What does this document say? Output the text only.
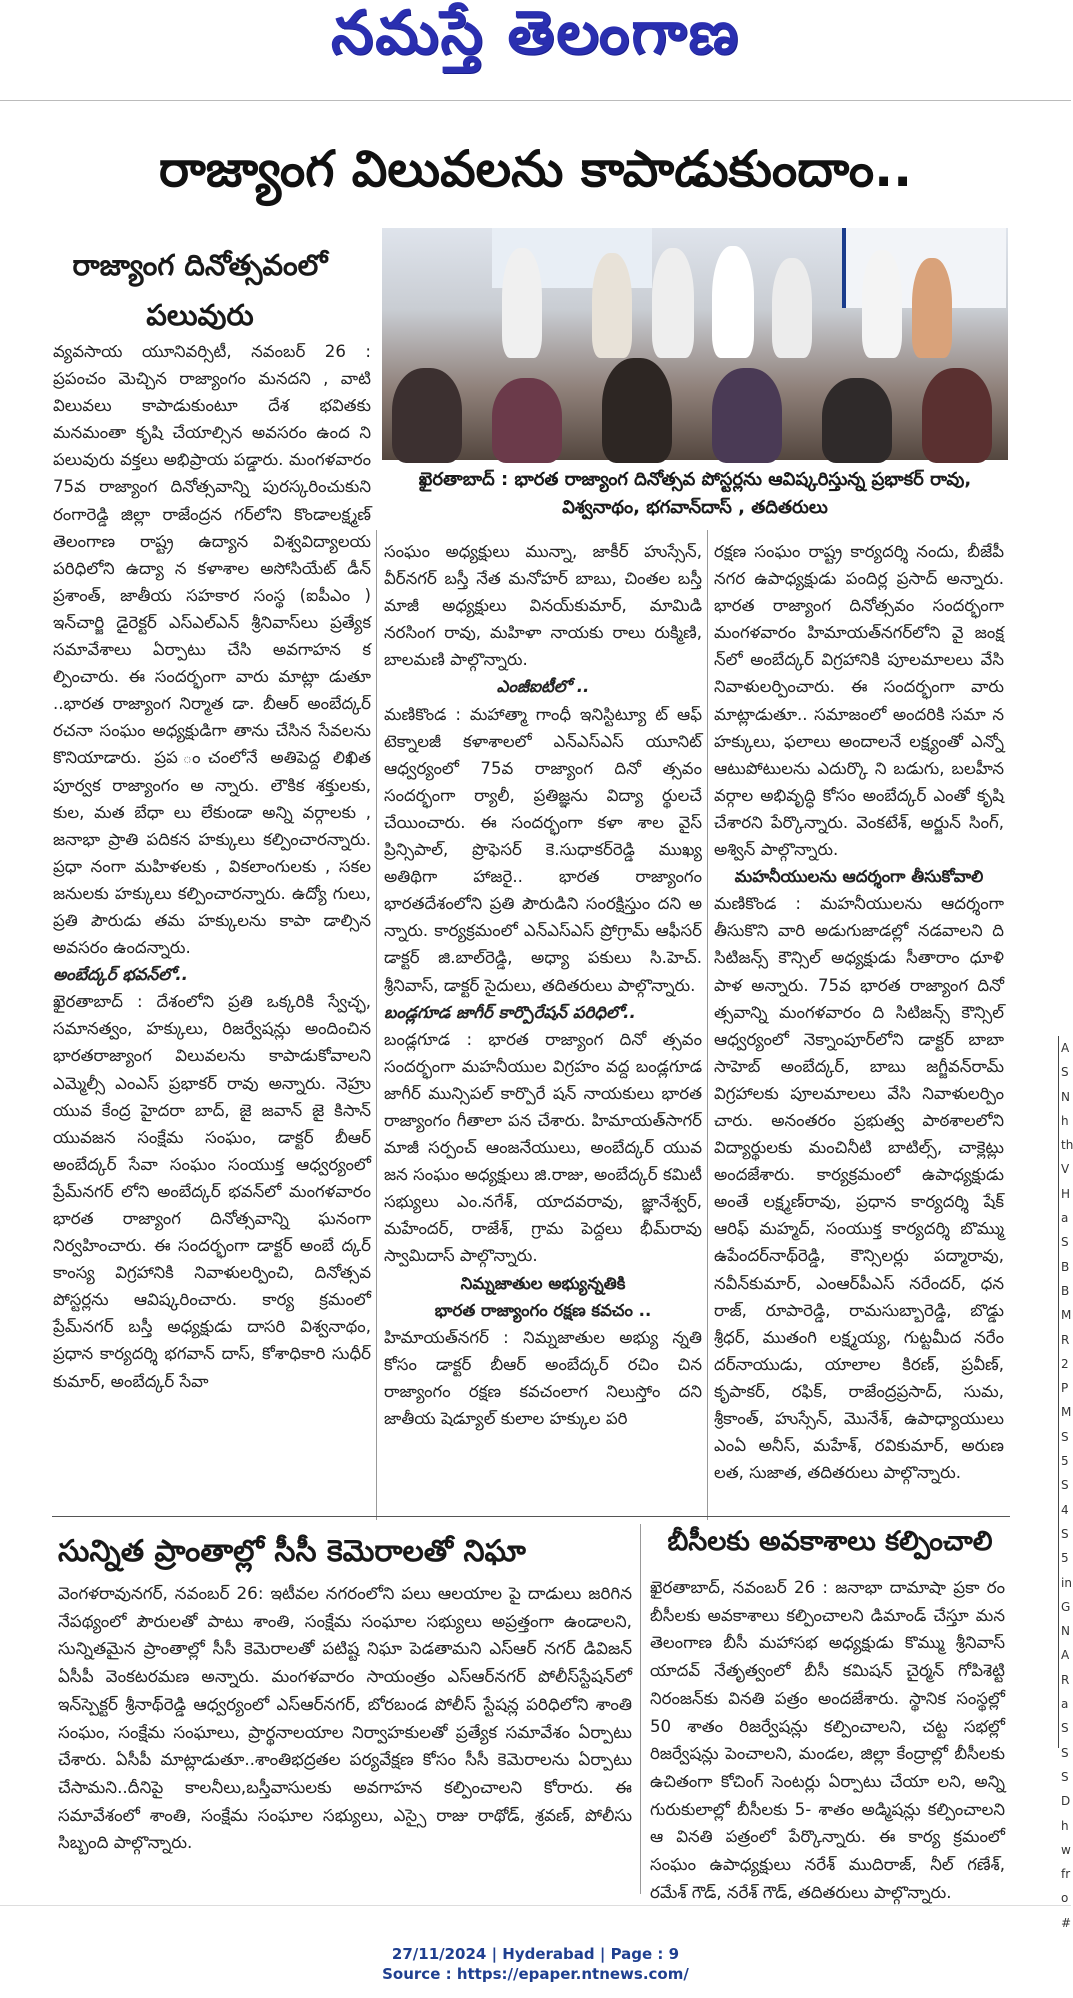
నమస్తే తెలంగాణ
రాజ్యాంగ విలువలను కాపాడుకుందాం..
రాజ్యాంగ దినోత్సవంలో పలువురు

వ్యవసాయ యూనివర్సిటీ, నవంబర్ 26 : ప్రపంచం మెచ్చిన రాజ్యాంగం మనదని , వాటి విలువలు కాపాడుకుంటూ దేశ భవితకు మనమంతా కృషి చేయాల్సిన అవసరం ఉంద ని పలువురు వక్తలు అభిప్రాయ పడ్డారు. మంగళవారం 75వ రాజ్యాంగ దినోత్సవాన్ని పురస్కరించుకుని రంగారెడ్డి జిల్లా రాజేంద్రన గర్‌లోని కొండాలక్ష్మణ్ తెలంగాణ రాష్ట్ర ఉద్యాన విశ్వవిద్యాలయ పరిధిలోని ఉద్యా న కళాశాల అసోసియేట్ డీన్ ప్రశాంత్, జాతీయ సహకార సంస్థ (ఐపీఎం ) ఇన్‌చార్జి డైరెక్టర్ ఎస్‌ఎల్‌ఎన్ శ్రీనివాస్‌లు ప్రత్యేక సమావేశాలు ఏర్పాటు చేసి అవగాహన క ల్పించారు. ఈ సందర్భంగా వారు మాట్లా డుతూ ..భారత రాజ్యాంగ నిర్మాత డా. బీఆర్ అంబేద్కర్ రచనా సంఘం అధ్యక్షుడిగా తాను చేసిన సేవలను కొనియాడారు. ప్రప ంచంలోనే అతిపెద్ద లిఖిత పూర్వక రాజ్యాంగం అ న్నారు. లౌకిక శక్తులకు, కుల, మత బేధా లు లేకుండా అన్ని వర్గాలకు , జనాభా ప్రాతి పదికన హక్కులు కల్పించారన్నారు. ప్రధా నంగా మహిళలకు , వికలాంగులకు , సకల జనులకు హక్కులు కల్పించారన్నారు. ఉద్యో గులు, ప్రతి పౌరుడు తమ హక్కులను కాపా డాల్సిన అవసరం ఉందన్నారు.

అంబేద్కర్ భవన్‌లో..

ఖైరతాబాద్ : దేశంలోని ప్రతి ఒక్కరికి స్వేచ్ఛ, సమానత్వం, హక్కులు, రిజర్వేషన్లు అందించిన భారతరాజ్యాంగ విలువలను కాపాడుకోవాలని ఎమ్మెల్సీ ఎంఎస్ ప్రభాకర్ రావు అన్నారు. నెహ్రు యువ కేంద్ర హైదరా బాద్, జై జవాన్ జై కిసాన్ యువజన సంక్షేమ సంఘం, డాక్టర్ బీఆర్ అంబేద్కర్ సేవా సంఘం సంయుక్త ఆధ్వర్యంలో ప్రేమ్‌నగర్ లోని అంబేద్కర్ భవన్‌లో మంగళవారం భారత రాజ్యాంగ దినోత్సవాన్ని ఘనంగా నిర్వహించారు. ఈ సందర్భంగా డాక్టర్ అంబే ద్కర్ కాంస్య విగ్రహానికి నివాళులర్పించి, దినోత్సవ పోస్టర్లను ఆవిష్కరించారు. కార్య క్రమంలో ప్రేమ్‌నగర్ బస్తీ అధ్యక్షుడు దాసరి విశ్వనాథం, ప్రధాన కార్యదర్శి భగవాన్ దాస్, కోశాధికారి సుధీర్ కుమార్, అంబేద్కర్ సేవా

ఖైరతాబాద్ : భారత రాజ్యాంగ దినోత్సవ పోస్టర్లను ఆవిష్కరిస్తున్న ప్రభాకర్ రావు, విశ్వనాథం, భగవాన్‌దాస్ , తదితరులు

సంఘం అధ్యక్షులు మున్నా, జాకీర్ హుస్సేన్, వీర్‌నగర్ బస్తీ నేత మనోహర్ బాబు, చింతల బస్తీ మాజీ అధ్యక్షులు వినయ్‌కుమార్, మామిడి నరసింగ రావు, మహిళా నాయకు రాలు రుక్మిణి, బాలమణి పాల్గొన్నారు.

ఎంజీఐటీలో ..

మణికొండ : మహాత్మా గాంధీ ఇనిస్టిట్యూ ట్ ఆఫ్ టెక్నాలజీ కళాశాలలో ఎన్‌ఎస్‌ఎస్ యూనిట్ ఆధ్వర్యంలో 75వ రాజ్యాంగ దినో త్సవం సందర్భంగా ర్యాలీ, ప్రతిజ్ఞను విద్యా ర్థులచే చేయించారు. ఈ సందర్భంగా కళా శాల వైస్ ప్రిన్సిపాల్, ప్రొఫెసర్ కె.సుధాకర్‌రెడ్డి ముఖ్య అతిథిగా హాజరై.. భారత రాజ్యాంగం భారతదేశంలోని ప్రతి పౌరుడిని సంరక్షిస్తుం దని అ న్నారు. కార్యక్రమంలో ఎన్‌ఎస్‌ఎస్ ప్రోగ్రామ్ ఆఫీసర్ డాక్టర్ జి.బాల్‌రెడ్డి, అధ్యా పకులు సి.హెచ్. శ్రీనివాస్, డాక్టర్ సైదులు, తదితరులు పాల్గొన్నారు.

బండ్లగూడ జాగీర్ కార్పొరేషన్ పరిధిలో..

బండ్లగూడ : భారత రాజ్యాంగ దినో త్సవం సందర్భంగా మహనీయుల విగ్రహం వద్ద బండ్లగూడ జాగీర్ మున్సిపల్ కార్పొరే షన్ నాయకులు భారత రాజ్యాంగం గీతాలా పన చేశారు. హిమాయత్‌సాగర్ మాజీ సర్పంచ్ ఆంజనేయులు, అంబేద్కర్ యువ జన సంఘం అధ్యక్షులు జి.రాజు, అంబేద్కర్ కమిటీ సభ్యులు ఎం.నగేశ్, యాదవరావు, జ్ఞానేశ్వర్, మహేందర్, రాజేశ్, గ్రామ పెద్దలు భీమ్‌రావు స్వామిదాస్ పాల్గొన్నారు.

నిమ్నజాతుల అభ్యున్నతికి

భారత రాజ్యాంగం రక్షణ కవచం ..

హిమాయత్‌నగర్ : నిమ్నజాతుల అభ్యు న్నతి కోసం డాక్టర్ బీఆర్ అంబేద్కర్ రచిం చిన రాజ్యాంగం రక్షణ కవచంలాగ నిలుస్తోం దని జాతీయ షెడ్యూల్ కులాల హక్కుల పరి

రక్షణ సంఘం రాష్ట్ర కార్యదర్శి నందు, బీజేపీ నగర ఉపాధ్యక్షుడు పందిర్ల ప్రసాద్ అన్నారు. భారత రాజ్యాంగ దినోత్సవం సందర్భంగా మంగళవారం హిమాయత్‌నగర్‌లోని వై జంక్ష న్‌లో అంబేద్కర్ విగ్రహానికి పూలమాలలు వేసి నివాళులర్పించారు. ఈ సందర్భంగా వారు మాట్లాడుతూ.. సమాజంలో అందరికి సమా న హక్కులు, ఫలాలు అందాలనే లక్ష్యంతో ఎన్నో ఆటుపోటులను ఎదుర్కొ ని బడుగు, బలహీన వర్గాల అభివృద్ధి కోసం అంబేద్కర్ ఎంతో కృషి చేశారని పేర్కొన్నారు. వెంకటేశ్, అర్జున్ సింగ్, అశ్విన్ పాల్గొన్నారు.

మహనీయులను ఆదర్శంగా తీసుకోవాలి

మణికొండ : మహనీయులను ఆదర్శంగా తీసుకొని వారి అడుగుజాడల్లో నడవాలని ది సిటిజన్స్ కౌన్సిల్ అధ్యక్షుడు సీతారాం ధూళి పాళ అన్నారు. 75వ భారత రాజ్యాంగ దినో త్సవాన్ని మంగళవారం ది సిటిజన్స్ కౌన్సిల్ ఆధ్వర్యంలో నెక్నాంపూర్‌లోని డాక్టర్ బాబా సాహెబ్ అంబేద్కర్, బాబు జగ్జీవన్‌రామ్ విగ్రహాలకు పూలమాలలు వేసి నివాళులర్పిం చారు. అనంతరం ప్రభుత్వ పాఠశాలలోని విద్యార్థులకు మంచినీటి బాటిల్స్, చాక్లెట్లు అందజేశారు. కార్యక్రమంలో ఉపాధ్యక్షుడు అంతే లక్ష్మణ్‌రావు, ప్రధాన కార్యదర్శి షేక్ ఆరిఫ్ మహ్మద్, సంయుక్త కార్యదర్శి బొమ్ము ఉపేందర్‌నాథ్‌రెడ్డి, కౌన్సిలర్లు పద్మారావు, నవీన్‌కుమార్, ఎంఆర్‌పీఎస్ నరేందర్, ధన రాజ్, రూపారెడ్డి, రామసుబ్బారెడ్డి, బొడ్డు శ్రీధర్, ముతంగి లక్ష్మయ్య, గుట్టమీద నరేం దర్‌నాయుడు, యాలాల కిరణ్, ప్రవీణ్, కృపాకర్, రఫిక్, రాజేంద్రప్రసాద్, సుమ, శ్రీకాంత్, హుస్సేన్, మొనేశ్, ఉపాధ్యాయులు ఎంఏ అనీస్, మహేశ్, రవికుమార్, అరుణ లత, సుజాత, తదితరులు పాల్గొన్నారు.

సున్నిత ప్రాంతాల్లో సీసీ కెమెరాలతో నిఘా

వెంగళరావునగర్, నవంబర్ 26: ఇటీవల నగరంలోని పలు ఆలయాల పై దాడులు జరిగిన నేపథ్యంలో పౌరులతో పాటు శాంతి, సంక్షేమ సంఘాల సభ్యులు అప్రత్తంగా ఉండాలని, సున్నితమైన ప్రాంతాల్లో సీసీ కెమెరాలతో పటిష్ట నిఘా పెడతామని ఎస్‌ఆర్ నగర్ డివిజన్ ఏసీపీ వెంకటరమణ అన్నారు. మంగళవారం సాయంత్రం ఎస్‌ఆర్‌నగర్ పోలీస్‌స్టేషన్‌లో ఇన్‌స్పెక్టర్ శ్రీనాథ్‌రెడ్డి ఆధ్వర్యంలో ఎస్‌ఆర్‌నగర్, బోరబండ పోలీస్ స్టేషన్ల పరిధిలోని శాంతి సంఘం, సంక్షేమ సంఘాలు, ప్రార్థనాలయాల నిర్వాహకులతో ప్రత్యేక సమావేశం ఏర్పాటు చేశారు. ఏసీపీ మాట్లాడుతూ..శాంతిభద్రతల పర్యవేక్షణ కోసం సీసీ కెమెరాలను ఏర్పాటు చేసామని..దీనిపై కాలనీలు,బస్తీవాసులకు అవగాహన కల్పించాలని కోరారు. ఈ సమావేశంలో శాంతి, సంక్షేమ సంఘాల సభ్యులు, ఎస్సై రాజు రాథోడ్, శ్రవణ్, పోలీసు సిబ్బంది పాల్గొన్నారు.

బీసీలకు అవకాశాలు కల్పించాలి

ఖైరతాబాద్, నవంబర్ 26 : జనాభా దామాషా ప్రకా రం బీసీలకు అవకాశాలు కల్పించాలని డిమాండ్ చేస్తూ మన తెలంగాణ బీసీ మహాసభ అధ్యక్షుడు కొమ్ము శ్రీనివాస్ యాదవ్ నేతృత్వంలో బీసీ కమిషన్ చైర్మన్ గోపిశెట్టి నిరంజన్‌కు వినతి పత్రం అందజేశారు. స్థానిక సంస్థల్లో 50 శాతం రిజర్వేషన్లు కల్పించాలని, చట్ట సభల్లో రిజర్వేషన్లు పెంచాలని, మండల, జిల్లా కేంద్రాల్లో బీసీలకు ఉచితంగా కోచింగ్ సెంటర్లు ఏర్పాటు చేయా లని, అన్ని గురుకులాల్లో బీసీలకు 5- శాతం అడ్మిషన్లు కల్పించాలని ఆ వినతి పత్రంలో పేర్కొన్నారు. ఈ కార్య క్రమంలో సంఘం ఉపాధ్యక్షులు నరేశ్ ముదిరాజ్, నీల్ గణేశ్, రమేశ్ గౌడ్, నరేశ్ గౌడ్, తదితరులు పాల్గొన్నారు.

A
S
N
h
th
V
H
a
S
B
B
M
R
2
P
M
S
5
S
4
S
5
in
G
N
A
R
a
S
S
S
D
h
w
fr
o
#
27/11/2024 | Hyderabad | Page : 9
Source : https://epaper.ntnews.com/
